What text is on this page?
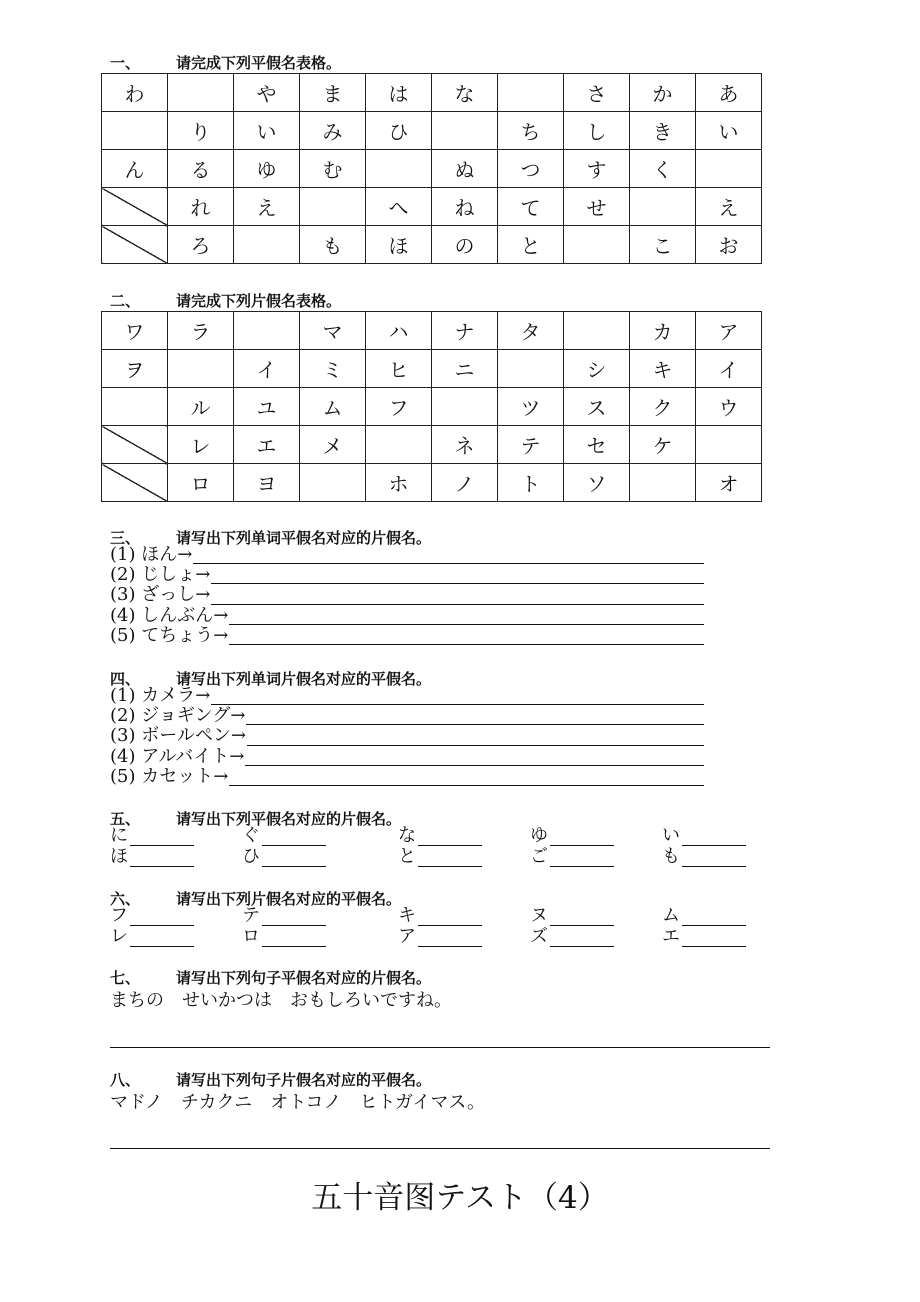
一、 请完成下列平假名表格。
わ		や	ま	は	な		さ	か	あ
	り	い	み	ひ		ち	し	き	い
ん	る	ゆ	む		ぬ	つ	す	く	
	れ	え		へ	ね	て	せ		え
	ろ		も	ほ	の	と		こ	お
二、 请完成下列片假名表格。
ワ	ラ		マ	ハ	ナ	タ		カ	ア
ヲ		イ	ミ	ヒ	ニ		シ	キ	イ
	ル	ユ	ム	フ		ツ	ス	ク	ウ
	レ	エ	メ		ネ	テ	セ	ケ	
	ロ	ヨ		ホ	ノ	ト	ソ		オ
三、 请写出下列单词平假名对应的片假名。
(1) ほん→
(2) じしょ→
(3) ざっし→
(4) しんぶん→
(5) てちょう→
四、 请写出下列单词片假名对应的平假名。
(1) カメラ→
(2) ジョギング→
(3) ボールペン→
(4) アルバイト→
(5) カセット→
五、 请写出下列平假名对应的片假名。
に	ぐ	な	ゆ	い
ほ	ひ	と	ご	も
六、 请写出下列片假名对应的平假名。
フ	テ	キ	ヌ	ム
レ	ロ	ア	ズ	エ
七、 请写出下列句子平假名对应的片假名。
まちの　せいかつは　おもしろいですね。
八、 请写出下列句子片假名对应的平假名。
マドノ　チカクニ　オトコノ　ヒトガイマス。
五十音图テスト（4）
